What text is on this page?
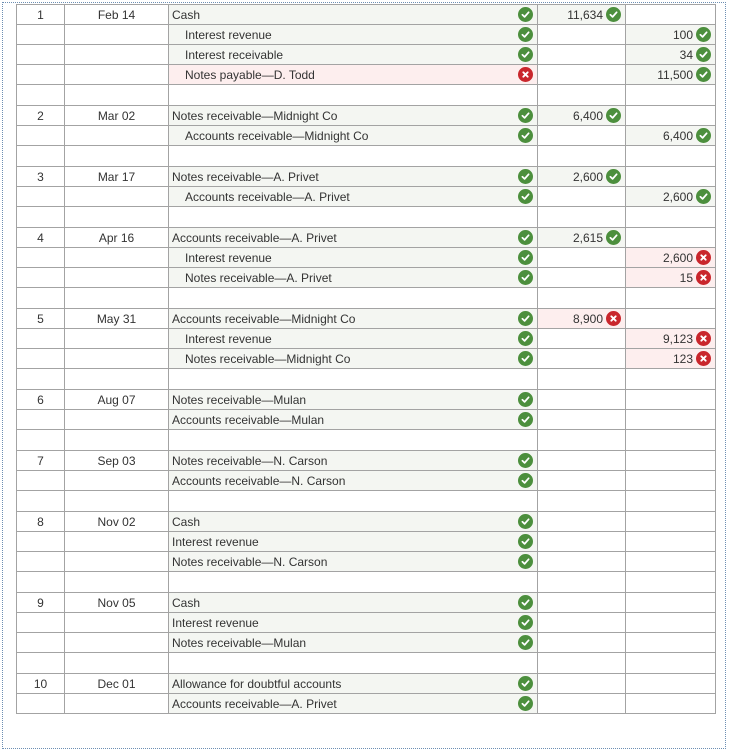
1	Feb 14	Cash	11,634	

		Interest revenue		100

		Interest receivable		34

		Notes payable—D. Todd		11,500

2	Mar 02	Notes receivable—Midnight Co	6,400	

		Accounts receivable—Midnight Co		6,400

3	Mar 17	Notes receivable—A. Privet	2,600	

		Accounts receivable—A. Privet		2,600

4	Apr 16	Accounts receivable—A. Privet	2,615	

		Interest revenue		2,600

		Notes receivable—A. Privet		15

5	May 31	Accounts receivable—Midnight Co	8,900	

		Interest revenue		9,123

		Notes receivable—Midnight Co		123

6	Aug 07	Notes receivable—Mulan		

		Accounts receivable—Mulan		

7	Sep 03	Notes receivable—N. Carson		

		Accounts receivable—N. Carson		

8	Nov 02	Cash		

		Interest revenue		

		Notes receivable—N. Carson		

9	Nov 05	Cash		

		Interest revenue		

		Notes receivable—Mulan		

10	Dec 01	Allowance for doubtful accounts		

		Accounts receivable—A. Privet		
